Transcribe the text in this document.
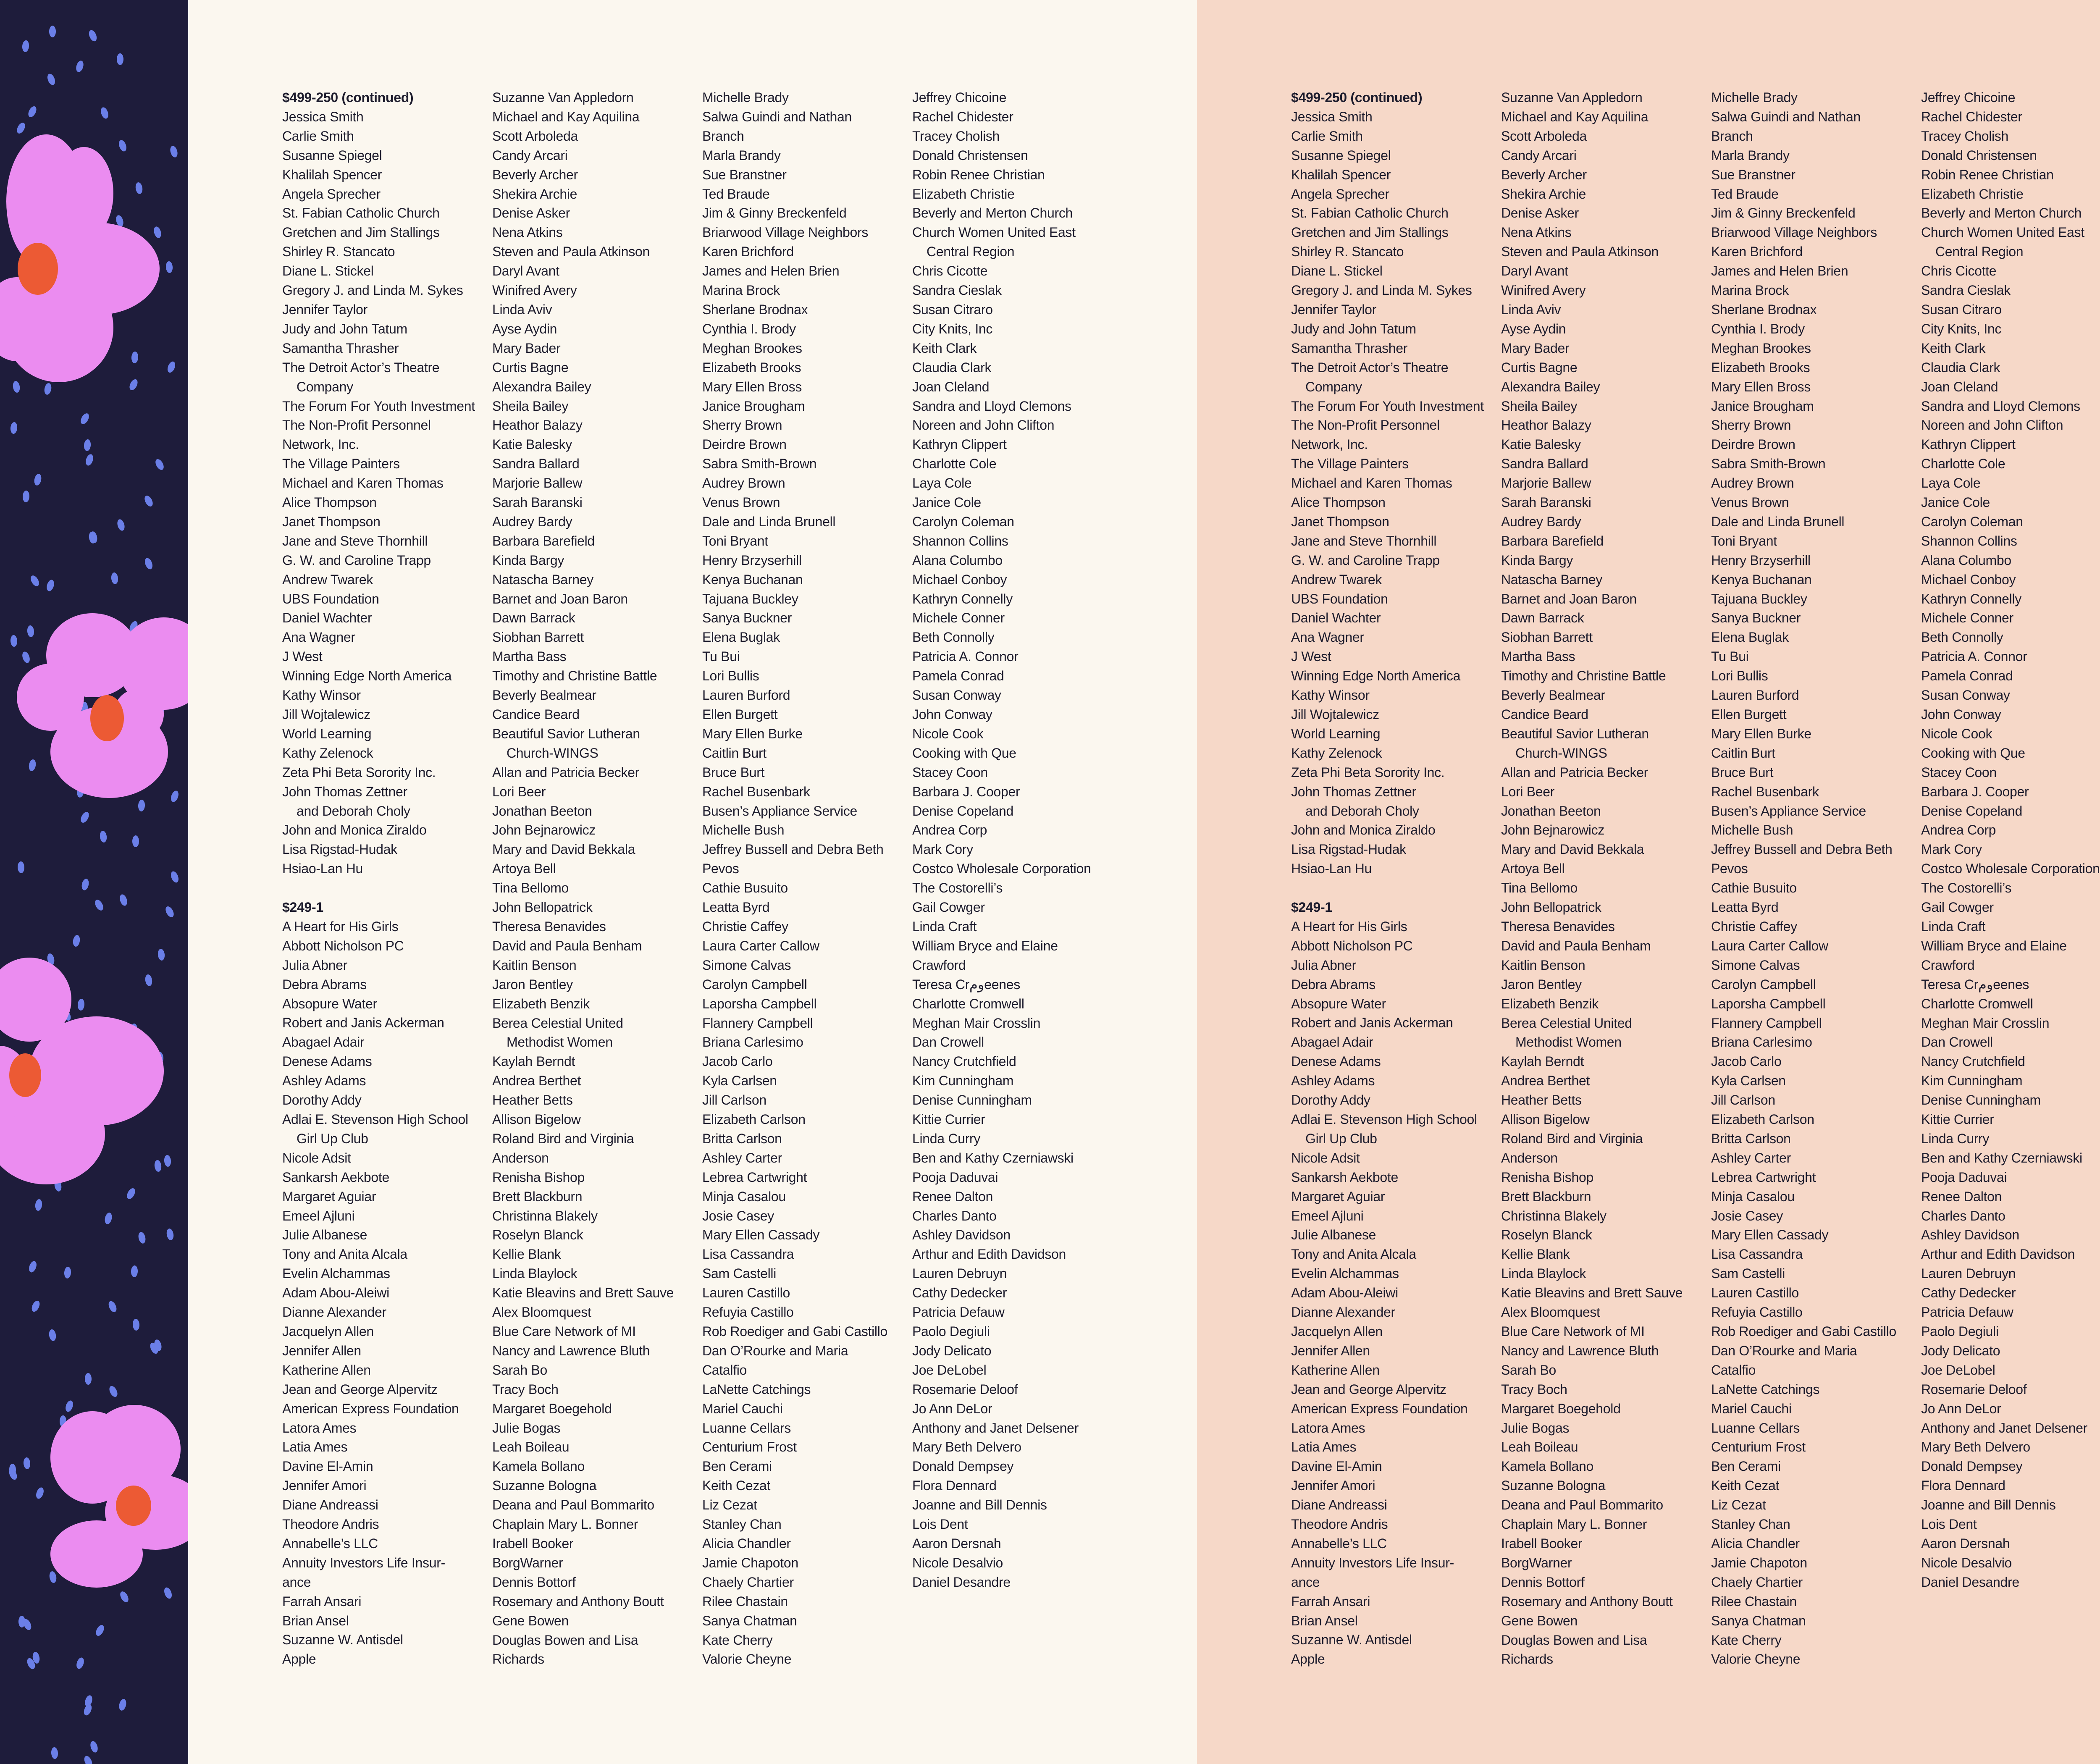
$499-250 (continued)
Jessica Smith
Carlie Smith
Susanne Spiegel
Khalilah Spencer
Angela Sprecher
St. Fabian Catholic Church
Gretchen and Jim Stallings
Shirley R. Stancato
Diane L. Stickel
Gregory J. and Linda M. Sykes
Jennifer Taylor
Judy and John Tatum
Samantha Thrasher
The Detroit Actor’s Theatre
Company
The Forum For Youth Investment
The Non-Profit Personnel
Network, Inc.
The Village Painters
Michael and Karen Thomas
Alice Thompson
Janet Thompson
Jane and Steve Thornhill
G. W. and Caroline Trapp
Andrew Twarek
UBS Foundation
Daniel Wachter
Ana Wagner
J West
Winning Edge North America
Kathy Winsor
Jill Wojtalewicz
World Learning
Kathy Zelenock
Zeta Phi Beta Sorority Inc.
John Thomas Zettner
and Deborah Choly
John and Monica Ziraldo
Lisa Rigstad-Hudak
Hsiao-Lan Hu
$249-1
A Heart for His Girls
Abbott Nicholson PC
Julia Abner
Debra Abrams
Absopure Water
Robert and Janis Ackerman
Abagael Adair
Denese Adams
Ashley Adams
Dorothy Addy
Adlai E. Stevenson High School
Girl Up Club
Nicole Adsit
Sankarsh Aekbote
Margaret Aguiar
Emeel Ajluni
Julie Albanese
Tony and Anita Alcala
Evelin Alchammas
Adam Abou-Aleiwi
Dianne Alexander
Jacquelyn Allen
Jennifer Allen
Katherine Allen
Jean and George Alpervitz
American Express Foundation
Latora Ames
Latia Ames
Davine El-Amin
Jennifer Amori
Diane Andreassi
Theodore Andris
Annabelle’s LLC
Annuity Investors Life Insur-
ance
Farrah Ansari
Brian Ansel
Suzanne W. Antisdel
Apple
Suzanne Van Appledorn
Michael and Kay Aquilina
Scott Arboleda
Candy Arcari
Beverly Archer
Shekira Archie
Denise Asker
Nena Atkins
Steven and Paula Atkinson
Daryl Avant
Winifred Avery
Linda Aviv
Ayse Aydin
Mary Bader
Curtis Bagne
Alexandra Bailey
Sheila Bailey
Heathor Balazy
Katie Balesky
Sandra Ballard
Marjorie Ballew
Sarah Baranski
Audrey Bardy
Barbara Barefield
Kinda Bargy
Natascha Barney
Barnet and Joan Baron
Dawn Barrack
Siobhan Barrett
Martha Bass
Timothy and Christine Battle
Beverly Bealmear
Candice Beard
Beautiful Savior Lutheran
Church-WINGS
Allan and Patricia Becker
Lori Beer
Jonathan Beeton
John Bejnarowicz
Mary and David Bekkala
Artoya Bell
Tina Bellomo
John Bellopatrick
Theresa Benavides
David and Paula Benham
Kaitlin Benson
Jaron Bentley
Elizabeth Benzik
Berea Celestial United
Methodist Women
Kaylah Berndt
Andrea Berthet
Heather Betts
Allison Bigelow
Roland Bird and Virginia
Anderson
Renisha Bishop
Brett Blackburn
Christinna Blakely
Roselyn Blanck
Kellie Blank
Linda Blaylock
Katie Bleavins and Brett Sauve
Alex Bloomquest
Blue Care Network of MI
Nancy and Lawrence Bluth
Sarah Bo
Tracy Boch
Margaret Boegehold
Julie Bogas
Leah Boileau
Kamela Bollano
Suzanne Bologna
Deana and Paul Bommarito
Chaplain Mary L. Bonner
Irabell Booker
BorgWarner
Dennis Bottorf
Rosemary and Anthony Boutt
Gene Bowen
Douglas Bowen and Lisa
Richards
Michelle Brady
Salwa Guindi and Nathan
Branch
Marla Brandy
Sue Branstner
Ted Braude
Jim & Ginny Breckenfeld
Briarwood Village Neighbors
Karen Brichford
James and Helen Brien
Marina Brock
Sherlane Brodnax
Cynthia I. Brody
Meghan Brookes
Elizabeth Brooks
Mary Ellen Bross
Janice Brougham
Sherry Brown
Deirdre Brown
Sabra Smith-Brown
Audrey Brown
Venus Brown
Dale and Linda Brunell
Toni Bryant
Henry Brzyserhill
Kenya Buchanan
Tajuana Buckley
Sanya Buckner
Elena Buglak
Tu Bui
Lori Bullis
Lauren Burford
Ellen Burgett
Mary Ellen Burke
Caitlin Burt
Bruce Burt
Rachel Busenbark
Busen’s Appliance Service
Michelle Bush
Jeffrey Bussell and Debra Beth
Pevos
Cathie Busuito
Leatta Byrd
Christie Caffey
Laura Carter Callow
Simone Calvas
Carolyn Campbell
Laporsha Campbell
Flannery Campbell
Briana Carlesimo
Jacob Carlo
Kyla Carlsen
Jill Carlson
Elizabeth Carlson
Britta Carlson
Ashley Carter
Lebrea Cartwright
Minja Casalou
Josie Casey
Mary Ellen Cassady
Lisa Cassandra
Sam Castelli
Lauren Castillo
Refuyia Castillo
Rob Roediger and Gabi Castillo
Dan O’Rourke and Maria
Catalfio
LaNette Catchings
Mariel Cauchi
Luanne Cellars
Centurium Frost
Ben Cerami
Keith Cezat
Liz Cezat
Stanley Chan
Alicia Chandler
Jamie Chapoton
Chaely Chartier
Rilee Chastain
Sanya Chatman
Kate Cherry
Valorie Cheyne
Jeffrey Chicoine
Rachel Chidester
Tracey Cholish
Donald Christensen
Robin Renee Christian
Elizabeth Christie
Beverly and Merton Church
Church Women United East
Central Region
Chris Cicotte
Sandra Cieslak
Susan Citraro
City Knits, Inc
Keith Clark
Claudia Clark
Joan Cleland
Sandra and Lloyd Clemons
Noreen and John Clifton
Kathryn Clippert
Charlotte Cole
Laya Cole
Janice Cole
Carolyn Coleman
Shannon Collins
Alana Columbo
Michael Conboy
Kathryn Connelly
Michele Conner
Beth Connolly
Patricia A. Connor
Pamela Conrad
Susan Conway
John Conway
Nicole Cook
Cooking with Que
Stacey Coon
Barbara J. Cooper
Denise Copeland
Andrea Corp
Mark Cory
Costco Wholesale Corporation
The Costorelli’s
Gail Cowger
Linda Craft
William Bryce and Elaine
Crawford
Teresa Crومeenes
Charlotte Cromwell
Meghan Mair Crosslin
Dan Crowell
Nancy Crutchfield
Kim Cunningham
Denise Cunningham
Kittie Currier
Linda Curry
Ben and Kathy Czerniawski
Pooja Daduvai
Renee Dalton
Charles Danto
Ashley Davidson
Arthur and Edith Davidson
Lauren Debruyn
Cathy Dedecker
Patricia Defauw
Paolo Degiuli
Jody Delicato
Joe DeLobel
Rosemarie Deloof
Jo Ann DeLor
Anthony and Janet Delsener
Mary Beth Delvero
Donald Dempsey
Flora Dennard
Joanne and Bill Dennis
Lois Dent
Aaron Dersnah
Nicole Desalvio
Daniel Desandre
$499-250 (continued)
Jessica Smith
Carlie Smith
Susanne Spiegel
Khalilah Spencer
Angela Sprecher
St. Fabian Catholic Church
Gretchen and Jim Stallings
Shirley R. Stancato
Diane L. Stickel
Gregory J. and Linda M. Sykes
Jennifer Taylor
Judy and John Tatum
Samantha Thrasher
The Detroit Actor’s Theatre
Company
The Forum For Youth Investment
The Non-Profit Personnel
Network, Inc.
The Village Painters
Michael and Karen Thomas
Alice Thompson
Janet Thompson
Jane and Steve Thornhill
G. W. and Caroline Trapp
Andrew Twarek
UBS Foundation
Daniel Wachter
Ana Wagner
J West
Winning Edge North America
Kathy Winsor
Jill Wojtalewicz
World Learning
Kathy Zelenock
Zeta Phi Beta Sorority Inc.
John Thomas Zettner
and Deborah Choly
John and Monica Ziraldo
Lisa Rigstad-Hudak
Hsiao-Lan Hu
$249-1
A Heart for His Girls
Abbott Nicholson PC
Julia Abner
Debra Abrams
Absopure Water
Robert and Janis Ackerman
Abagael Adair
Denese Adams
Ashley Adams
Dorothy Addy
Adlai E. Stevenson High School
Girl Up Club
Nicole Adsit
Sankarsh Aekbote
Margaret Aguiar
Emeel Ajluni
Julie Albanese
Tony and Anita Alcala
Evelin Alchammas
Adam Abou-Aleiwi
Dianne Alexander
Jacquelyn Allen
Jennifer Allen
Katherine Allen
Jean and George Alpervitz
American Express Foundation
Latora Ames
Latia Ames
Davine El-Amin
Jennifer Amori
Diane Andreassi
Theodore Andris
Annabelle’s LLC
Annuity Investors Life Insur-
ance
Farrah Ansari
Brian Ansel
Suzanne W. Antisdel
Apple
Suzanne Van Appledorn
Michael and Kay Aquilina
Scott Arboleda
Candy Arcari
Beverly Archer
Shekira Archie
Denise Asker
Nena Atkins
Steven and Paula Atkinson
Daryl Avant
Winifred Avery
Linda Aviv
Ayse Aydin
Mary Bader
Curtis Bagne
Alexandra Bailey
Sheila Bailey
Heathor Balazy
Katie Balesky
Sandra Ballard
Marjorie Ballew
Sarah Baranski
Audrey Bardy
Barbara Barefield
Kinda Bargy
Natascha Barney
Barnet and Joan Baron
Dawn Barrack
Siobhan Barrett
Martha Bass
Timothy and Christine Battle
Beverly Bealmear
Candice Beard
Beautiful Savior Lutheran
Church-WINGS
Allan and Patricia Becker
Lori Beer
Jonathan Beeton
John Bejnarowicz
Mary and David Bekkala
Artoya Bell
Tina Bellomo
John Bellopatrick
Theresa Benavides
David and Paula Benham
Kaitlin Benson
Jaron Bentley
Elizabeth Benzik
Berea Celestial United
Methodist Women
Kaylah Berndt
Andrea Berthet
Heather Betts
Allison Bigelow
Roland Bird and Virginia
Anderson
Renisha Bishop
Brett Blackburn
Christinna Blakely
Roselyn Blanck
Kellie Blank
Linda Blaylock
Katie Bleavins and Brett Sauve
Alex Bloomquest
Blue Care Network of MI
Nancy and Lawrence Bluth
Sarah Bo
Tracy Boch
Margaret Boegehold
Julie Bogas
Leah Boileau
Kamela Bollano
Suzanne Bologna
Deana and Paul Bommarito
Chaplain Mary L. Bonner
Irabell Booker
BorgWarner
Dennis Bottorf
Rosemary and Anthony Boutt
Gene Bowen
Douglas Bowen and Lisa
Richards
Michelle Brady
Salwa Guindi and Nathan
Branch
Marla Brandy
Sue Branstner
Ted Braude
Jim & Ginny Breckenfeld
Briarwood Village Neighbors
Karen Brichford
James and Helen Brien
Marina Brock
Sherlane Brodnax
Cynthia I. Brody
Meghan Brookes
Elizabeth Brooks
Mary Ellen Bross
Janice Brougham
Sherry Brown
Deirdre Brown
Sabra Smith-Brown
Audrey Brown
Venus Brown
Dale and Linda Brunell
Toni Bryant
Henry Brzyserhill
Kenya Buchanan
Tajuana Buckley
Sanya Buckner
Elena Buglak
Tu Bui
Lori Bullis
Lauren Burford
Ellen Burgett
Mary Ellen Burke
Caitlin Burt
Bruce Burt
Rachel Busenbark
Busen’s Appliance Service
Michelle Bush
Jeffrey Bussell and Debra Beth
Pevos
Cathie Busuito
Leatta Byrd
Christie Caffey
Laura Carter Callow
Simone Calvas
Carolyn Campbell
Laporsha Campbell
Flannery Campbell
Briana Carlesimo
Jacob Carlo
Kyla Carlsen
Jill Carlson
Elizabeth Carlson
Britta Carlson
Ashley Carter
Lebrea Cartwright
Minja Casalou
Josie Casey
Mary Ellen Cassady
Lisa Cassandra
Sam Castelli
Lauren Castillo
Refuyia Castillo
Rob Roediger and Gabi Castillo
Dan O’Rourke and Maria
Catalfio
LaNette Catchings
Mariel Cauchi
Luanne Cellars
Centurium Frost
Ben Cerami
Keith Cezat
Liz Cezat
Stanley Chan
Alicia Chandler
Jamie Chapoton
Chaely Chartier
Rilee Chastain
Sanya Chatman
Kate Cherry
Valorie Cheyne
Jeffrey Chicoine
Rachel Chidester
Tracey Cholish
Donald Christensen
Robin Renee Christian
Elizabeth Christie
Beverly and Merton Church
Church Women United East
Central Region
Chris Cicotte
Sandra Cieslak
Susan Citraro
City Knits, Inc
Keith Clark
Claudia Clark
Joan Cleland
Sandra and Lloyd Clemons
Noreen and John Clifton
Kathryn Clippert
Charlotte Cole
Laya Cole
Janice Cole
Carolyn Coleman
Shannon Collins
Alana Columbo
Michael Conboy
Kathryn Connelly
Michele Conner
Beth Connolly
Patricia A. Connor
Pamela Conrad
Susan Conway
John Conway
Nicole Cook
Cooking with Que
Stacey Coon
Barbara J. Cooper
Denise Copeland
Andrea Corp
Mark Cory
Costco Wholesale Corporation
The Costorelli’s
Gail Cowger
Linda Craft
William Bryce and Elaine
Crawford
Teresa Crومeenes
Charlotte Cromwell
Meghan Mair Crosslin
Dan Crowell
Nancy Crutchfield
Kim Cunningham
Denise Cunningham
Kittie Currier
Linda Curry
Ben and Kathy Czerniawski
Pooja Daduvai
Renee Dalton
Charles Danto
Ashley Davidson
Arthur and Edith Davidson
Lauren Debruyn
Cathy Dedecker
Patricia Defauw
Paolo Degiuli
Jody Delicato
Joe DeLobel
Rosemarie Deloof
Jo Ann DeLor
Anthony and Janet Delsener
Mary Beth Delvero
Donald Dempsey
Flora Dennard
Joanne and Bill Dennis
Lois Dent
Aaron Dersnah
Nicole Desalvio
Daniel Desandre
